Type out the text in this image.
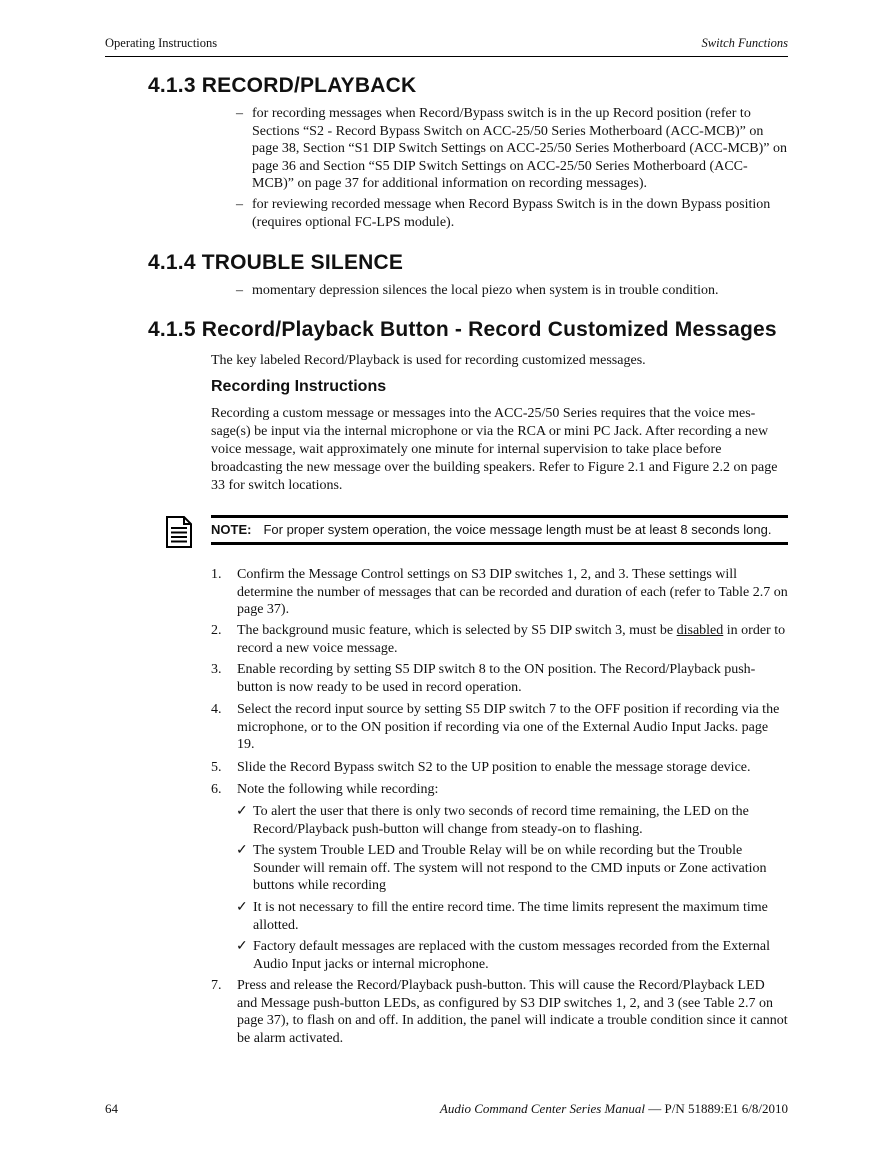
Operating Instructions	Switch Functions
4.1.3 RECORD/PLAYBACK
– for recording messages when Record/Bypass switch is in the up Record position (refer to Sections “S2 - Record Bypass Switch on ACC-25/50 Series Motherboard (ACC-MCB)” on page 38, Section “S1 DIP Switch Settings on ACC-25/50 Series Motherboard (ACC-MCB)” on page 36 and Section “S5 DIP Switch Settings on ACC-25/50 Series Motherboard (ACC-MCB)” on page 37 for additional information on recording messages).
– for reviewing recorded message when Record Bypass Switch is in the down Bypass position (requires optional FC-LPS module).
4.1.4 TROUBLE SILENCE
– momentary depression silences the local piezo when system is in trouble condition.
4.1.5 Record/Playback Button - Record Customized Messages
The key labeled Record/Playback is used for recording customized messages.
Recording Instructions
Recording a custom message or messages into the ACC-25/50 Series requires that the voice mes-sage(s) be input via the internal microphone or via the RCA or mini PC Jack. After recording a new voice message, wait approximately one minute for internal supervision to take place before broadcasting the new message over the building speakers. Refer to Figure 2.1 and Figure 2.2 on page 33 for switch locations.
NOTE: For proper system operation, the voice message length must be at least 8 seconds long.
1. Confirm the Message Control settings on S3 DIP switches 1, 2, and 3. These settings will determine the number of messages that can be recorded and duration of each (refer to Table 2.7 on page 37).
2. The background music feature, which is selected by S5 DIP switch 3, must be disabled in order to record a new voice message.
3. Enable recording by setting S5 DIP switch 8 to the ON position. The Record/Playback push-button is now ready to be used in record operation.
4. Select the record input source by setting S5 DIP switch 7 to the OFF position if recording via the microphone, or to the ON position if recording via one of the External Audio Input Jacks. page 19.
5. Slide the Record Bypass switch S2 to the UP position to enable the message storage device.
6. Note the following while recording:
✓ To alert the user that there is only two seconds of record time remaining, the LED on the Record/Playback push-button will change from steady-on to flashing.
✓ The system Trouble LED and Trouble Relay will be on while recording but the Trouble Sounder will remain off. The system will not respond to the CMD inputs or Zone activation buttons while recording
✓ It is not necessary to fill the entire record time. The time limits represent the maximum time allotted.
✓ Factory default messages are replaced with the custom messages recorded from the External Audio Input jacks or internal microphone.
7. Press and release the Record/Playback push-button. This will cause the Record/Playback LED and Message push-button LEDs, as configured by S3 DIP switches 1, 2, and 3 (see Table 2.7 on page 37), to flash on and off. In addition, the panel will indicate a trouble condition since it cannot be alarm activated.
64	Audio Command Center Series Manual — P/N 51889:E1 6/8/2010
